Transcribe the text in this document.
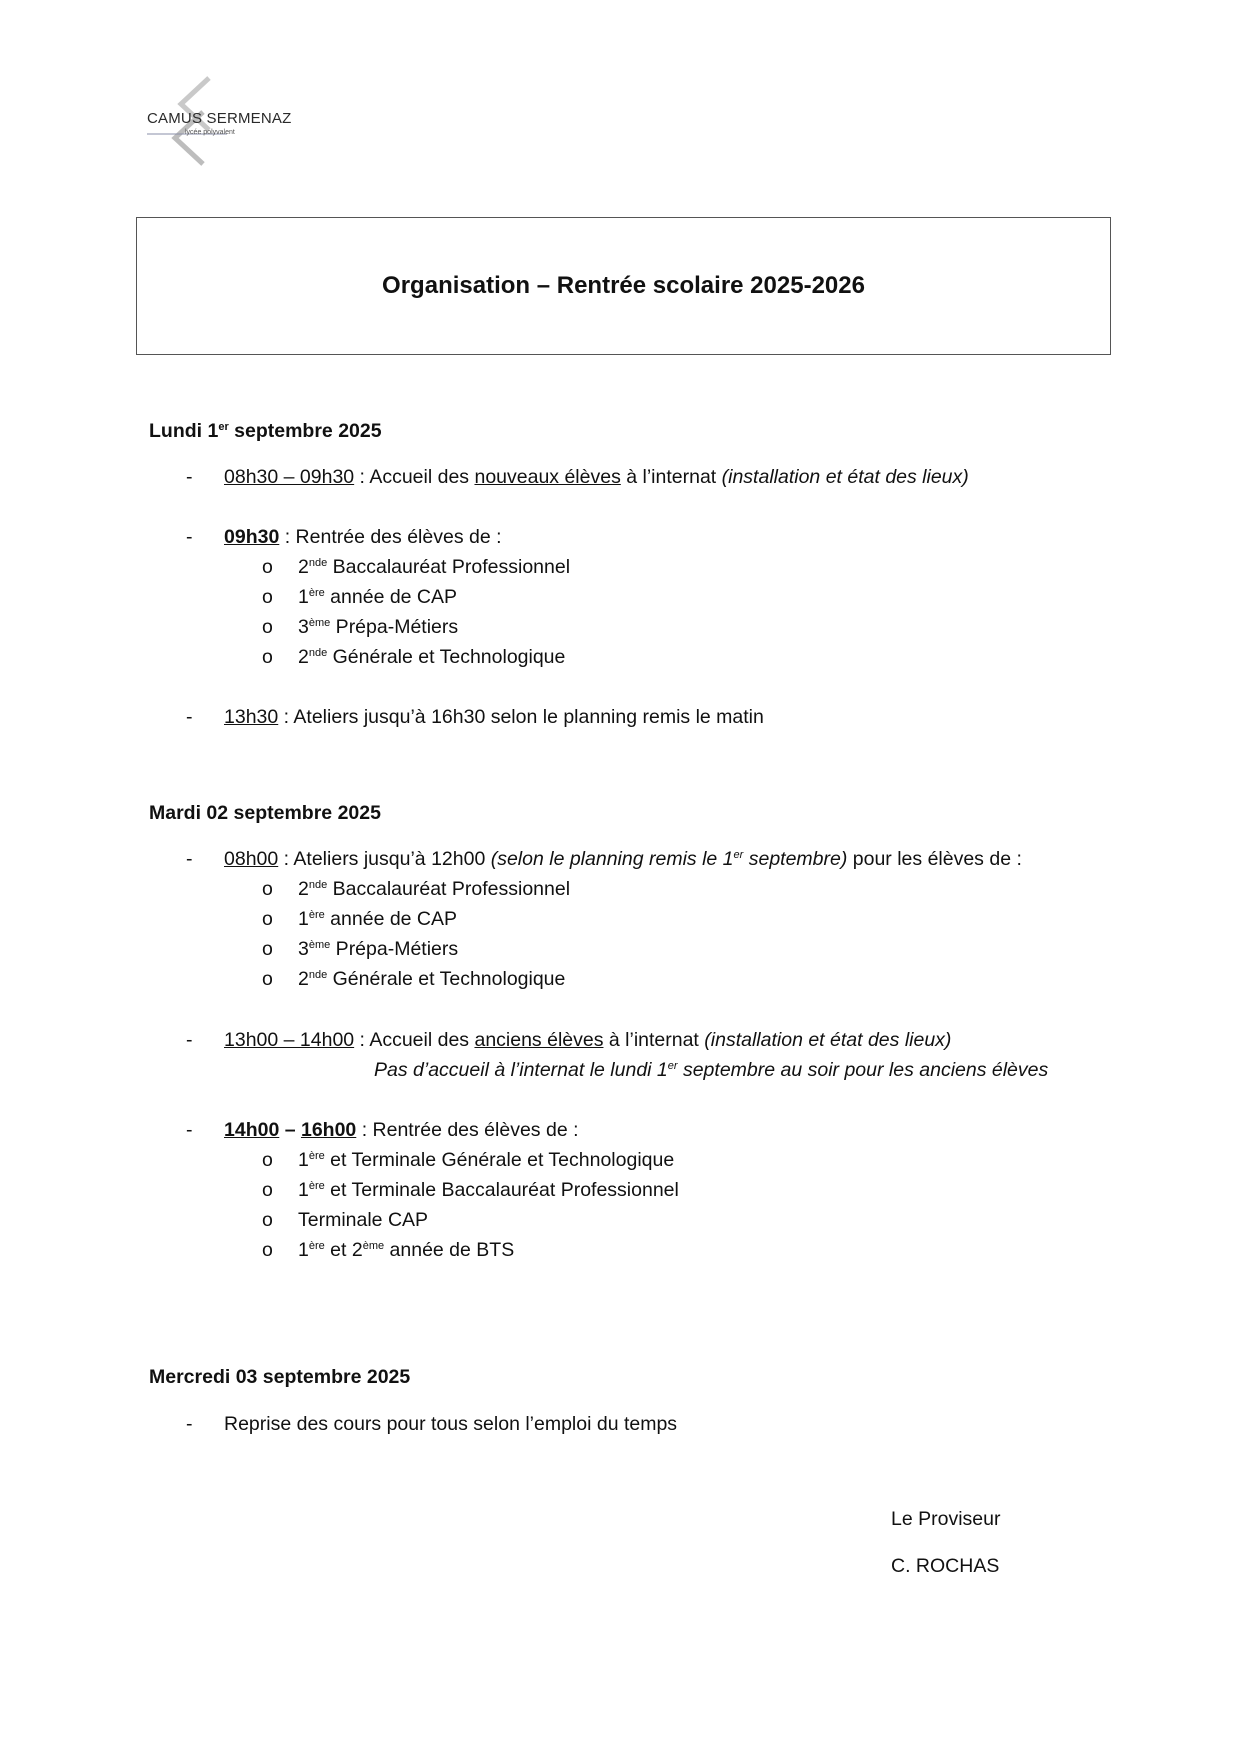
CAMUS SERMENAZ
lycée polyvalent
Organisation – Rentrée scolaire 2025-2026
Lundi 1er septembre 2025
- 08h30 – 09h30 : Accueil des nouveaux élèves à l’internat (installation et état des lieux)
- 09h30 : Rentrée des élèves de :
o 2nde Baccalauréat Professionnel
o 1ère année de CAP
o 3ème Prépa-Métiers
o 2nde Générale et Technologique
- 13h30 : Ateliers jusqu’à 16h30 selon le planning remis le matin
Mardi 02 septembre 2025
- 08h00 : Ateliers jusqu’à 12h00 (selon le planning remis le 1er septembre) pour les élèves de :
o 2nde Baccalauréat Professionnel
o 1ère année de CAP
o 3ème Prépa-Métiers
o 2nde Générale et Technologique
- 13h00 – 14h00 : Accueil des anciens élèves à l’internat (installation et état des lieux)
Pas d’accueil à l’internat le lundi 1er septembre au soir pour les anciens élèves
- 14h00 – 16h00 : Rentrée des élèves de :
o 1ère et Terminale Générale et Technologique
o 1ère et Terminale Baccalauréat Professionnel
o Terminale CAP
o 1ère et 2ème année de BTS
Mercredi 03 septembre 2025
- Reprise des cours pour tous selon l’emploi du temps
Le Proviseur
C. ROCHAS
